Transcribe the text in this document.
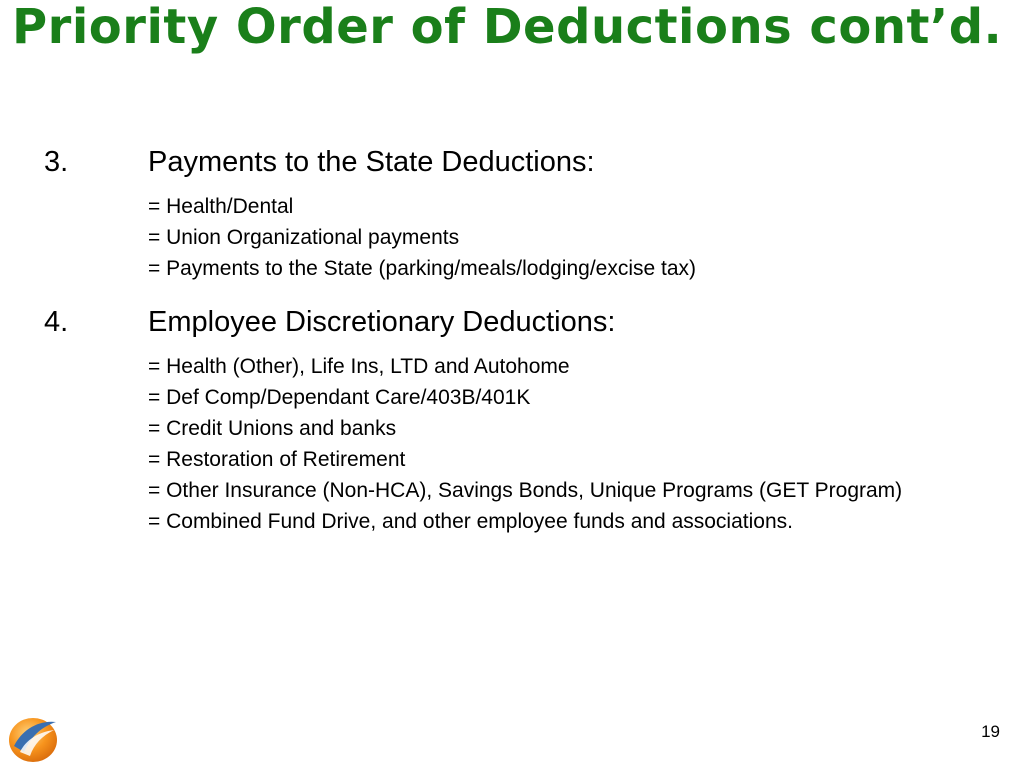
Priority Order of Deductions cont’d.
3.	Payments to the State Deductions:
= Health/Dental
= Union Organizational payments
= Payments to the State (parking/meals/lodging/excise tax)
4.	Employee Discretionary Deductions:
= Health (Other), Life Ins, LTD and Autohome
= Def Comp/Dependant Care/403B/401K
= Credit Unions and banks
= Restoration of Retirement
= Other Insurance (Non-HCA), Savings Bonds, Unique Programs (GET Program)
= Combined Fund Drive, and other employee funds and associations.
19
